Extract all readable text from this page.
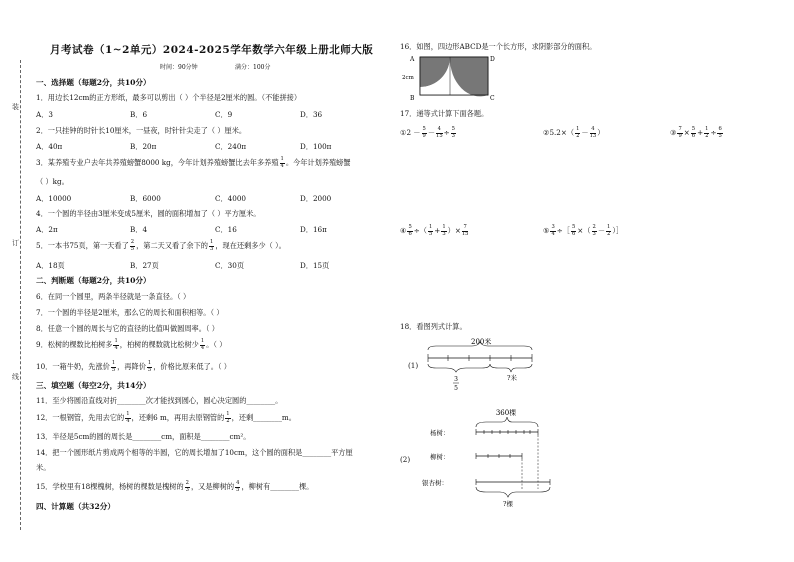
装
订
线
月考试卷（1~2单元）2024-2025学年数学六年级上册北师大版
时间：90分钟	满分：100分
一、选择题（每题2分，共10分）
1．用边长12cm的正方形纸，最多可以剪出（ ）个半径是2厘米的圆。（不能拼接）
A．3	B．6	C．9	D．36
2．一只挂钟的时针长10厘米，一昼夜，时针针尖走了（ ）厘米。
A．40π	B．20π	C．240π	D．100π
3．某养殖专业户去年共养殖螃蟹8000 kg，今年计划养殖螃蟹比去年多养殖 $\frac{1}{4}$ 。今年计划养殖螃蟹
（ ）kg。
A．10000	B．6000	C．4000	D．2000
4．一个圆的半径由3厘米变成5厘米，圆的面积增加了（ ）平方厘米。
A．2π	B．4	C．16	D．16π
5．一本书75页，第一天看了 $\frac{2}{5}$ ，第二天又看了余下的 $\frac{1}{3}$ ，现在还剩多少（ ）。
A．18页	B．27页	C．30页	D．15页
二、判断题（每题2分，共10分）
6．在同一个圆里，两条半径就是一条直径。（ ）
7．一个圆的半径是2厘米，那么它的周长和面积相等。（ ）
8．任意一个圆的周长与它的直径的比值叫做圆周率。（ ）
9．松树的棵数比柏树多 $\frac{1}{4}$ ，柏树的棵数就比松树少 $\frac{1}{4}$ 。（ ）
10．一箱牛奶，先涨价 $\frac{1}{5}$ ，再降价 $\frac{1}{5}$ ，价格比原来低了。（ ）
三、填空题（每空2分，共14分）
11．至少将圆沿直线对折________次才能找到圆心，圆心决定圆的________。
12．一根钢管，先用去它的 $\frac{1}{4}$ ，还剩6 m，再用去原钢管的 $\frac{1}{2}$ ，还剩________m。
13．半径是5cm的圆的周长是________cm，面积是________cm²。
14．把一个圆形纸片剪成两个相等的半圆，它的周长增加了10cm，这个圆的面积是________平方厘
米。
15．学校里有18棵槐树，杨树的棵数是槐树的 $\frac{2}{3}$ ，又是柳树的 $\frac{4}{5}$ ，柳树有________棵。
四、计算题（共32分）
16．如图，四边形ABCD是一个长方形，求阴影部分的面积。
A	D
B	C
2cm
17．递等式计算下面各题。
①2 － $\frac{5}{9} - \frac{4}{15} \div \frac{5}{3}$	②5.2×（ $\frac{1}{2} - \frac{4}{13}$ ）	③ $\frac{7}{9} \times \frac{5}{6} + \frac{1}{2} \div \frac{6}{5}$
④ $\frac{5}{6}$ ÷（ $\frac{1}{5} + \frac{1}{3}$ ）× $\frac{7}{15}$	⑤ $\frac{3}{4}$ ÷［ $\frac{5}{6}$ ×（ $\frac{2}{3} - \frac{1}{2}$ ）］
18．看图列式计算。
(1)
200米
3
5
?米
360棵
杨树：
柳树：
银杏树：
?棵
(2)
